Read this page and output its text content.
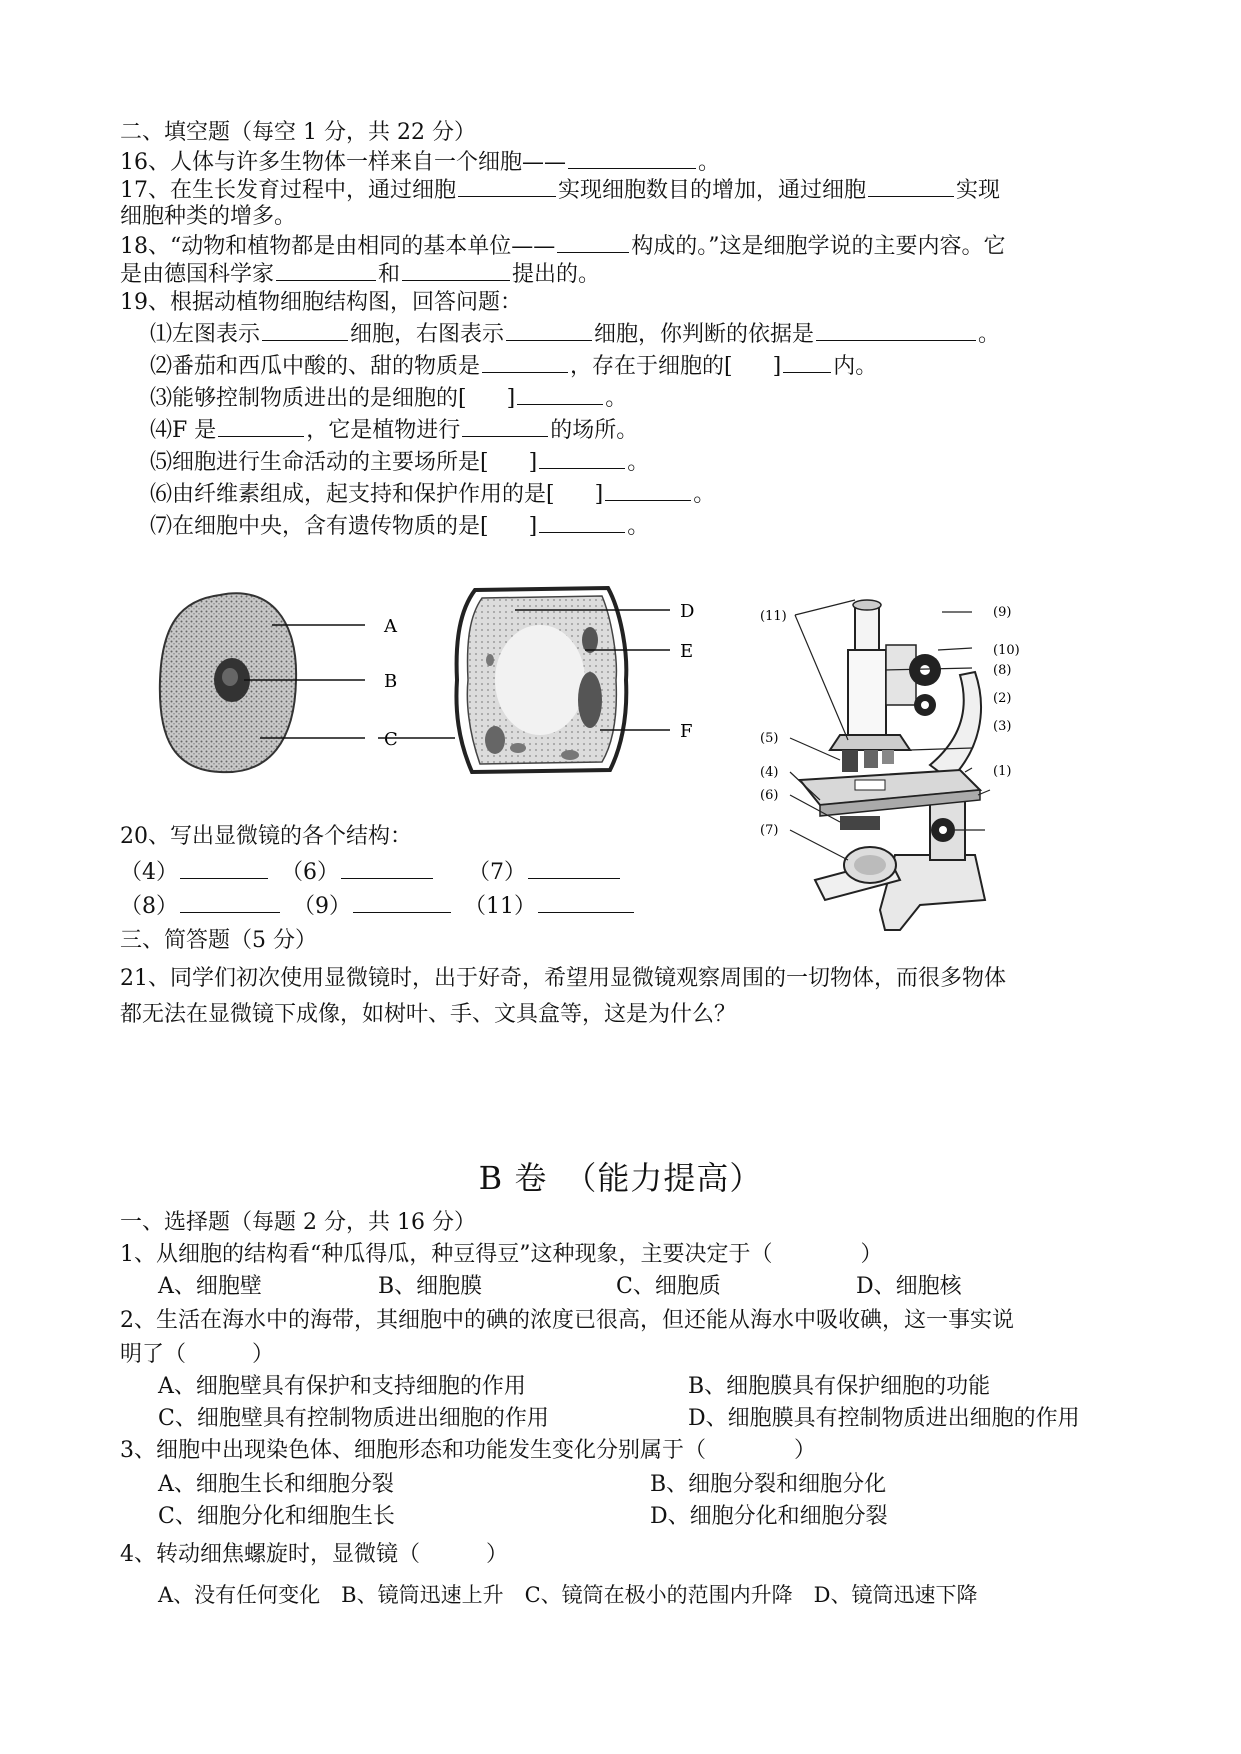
二、填空题（每空 1 分，共 22 分）
16、人体与许多生物体一样来自一个细胞——	。
17、在生长发育过程中，通过细胞	实现细胞数目的增加，通过细胞	实现
细胞种类的增多。
18、“动物和植物都是由相同的基本单位——	构成的。”这是细胞学说的主要内容。它
是由德国科学家	和	提出的。
19、根据动植物细胞结构图，回答问题：
⑴左图表示	细胞，右图表示	细胞，你判断的依据是	。
⑵番茄和西瓜中酸的、甜的物质是	，存在于细胞的[ ] 内。
⑶能够控制物质进出的是细胞的[ ]	。
⑷F 是	，它是植物进行	的场所。
⑸细胞进行生命活动的主要场所是[ ]	。
⑹由纤维素组成，起支持和保护作用的是[ ]	。
⑺在细胞中央，含有遗传物质的是[ ]	。
A
B
C
D
E
F
(11)	(9)
(10)
(8)
(2)
(3)
(1)
(5)
(4)
(6)
(7)
20、写出显微镜的各个结构：
（4）　	（6）　　	（7）
（8）　	（9）　	（11）
三、简答题（5 分）
21、同学们初次使用显微镜时，出于好奇，希望用显微镜观察周围的一切物体，而很多物体
都无法在显微镜下成像，如树叶、手、文具盒等，这是为什么？
B 卷　（能力提高）
一、选择题（每题 2 分，共 16 分）
1、从细胞的结构看“种瓜得瓜，种豆得豆”这种现象，主要决定于（　　　　）
A、细胞壁	B、细胞膜	C、细胞质	D、细胞核
2、生活在海水中的海带，其细胞中的碘的浓度已很高，但还能从海水中吸收碘，这一事实说
明了（　　　）
A、细胞壁具有保护和支持细胞的作用	B、细胞膜具有保护细胞的功能
C、细胞壁具有控制物质进出细胞的作用	D、细胞膜具有控制物质进出细胞的作用
3、细胞中出现染色体、细胞形态和功能发生变化分别属于（　　　　）
A、细胞生长和细胞分裂	B、细胞分裂和细胞分化
C、细胞分化和细胞生长	D、细胞分化和细胞分裂
4、转动细焦螺旋时，显微镜（　　　）
A、没有任何变化　B、镜筒迅速上升　C、镜筒在极小的范围内升降　D、镜筒迅速下降
